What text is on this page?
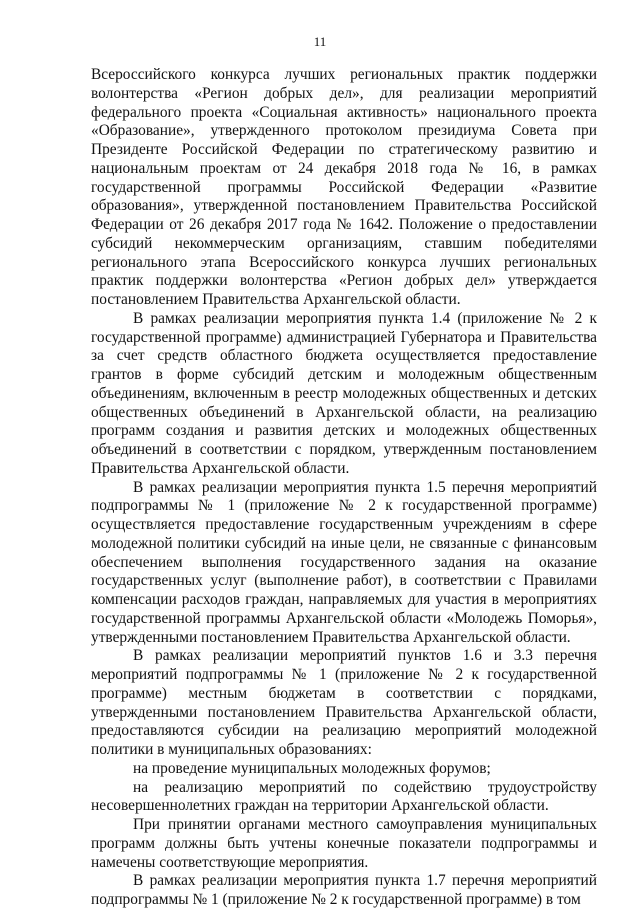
11

Всероссийского конкурса лучших региональных практик поддержки волонтерства «Регион добрых дел», для реализации мероприятий федерального проекта «Социальная активность» национального проекта «Образование», утвержденного протоколом президиума Совета при Президенте Российской Федерации по стратегическому развитию и национальным проектам от 24 декабря 2018 года № 16, в рамках государственной программы Российской Федерации «Развитие образования», утвержденной постановлением Правительства Российской Федерации от 26 декабря 2017 года № 1642. Положение о предоставлении субсидий некоммерческим организациям, ставшим победителями регионального этапа Всероссийского конкурса лучших региональных практик поддержки волонтерства «Регион добрых дел» утверждается постановлением Правительства Архангельской области.

В рамках реализации мероприятия пункта 1.4 (приложение № 2 к государственной программе) администрацией Губернатора и Правительства за счет средств областного бюджета осуществляется предоставление грантов в форме субсидий детским и молодежным общественным объединениям, включенным в реестр молодежных общественных и детских общественных объединений в Архангельской области, на реализацию программ создания и развития детских и молодежных общественных объединений в соответствии с порядком, утвержденным постановлением Правительства Архангельской области.

В рамках реализации мероприятия пункта 1.5 перечня мероприятий подпрограммы № 1 (приложение № 2 к государственной программе) осуществляется предоставление государственным учреждениям в сфере молодежной политики субсидий на иные цели, не связанные с финансовым обеспечением выполнения государственного задания на оказание государственных услуг (выполнение работ), в соответствии с Правилами компенсации расходов граждан, направляемых для участия в мероприятиях государственной программы Архангельской области «Молодежь Поморья», утвержденными постановлением Правительства Архангельской области.

В рамках реализации мероприятий пунктов 1.6 и 3.3 перечня мероприятий подпрограммы № 1 (приложение № 2 к государственной программе) местным бюджетам в соответствии с порядками, утвержденными постановлением Правительства Архангельской области, предоставляются субсидии на реализацию мероприятий молодежной политики в муниципальных образованиях:

на проведение муниципальных молодежных форумов;

на реализацию мероприятий по содействию трудоустройству несовершеннолетних граждан на территории Архангельской области.

При принятии органами местного самоуправления муниципальных программ должны быть учтены конечные показатели подпрограммы и намечены соответствующие мероприятия.

В рамках реализации мероприятия пункта 1.7 перечня мероприятий подпрограммы № 1 (приложение № 2 к государственной программе) в том
